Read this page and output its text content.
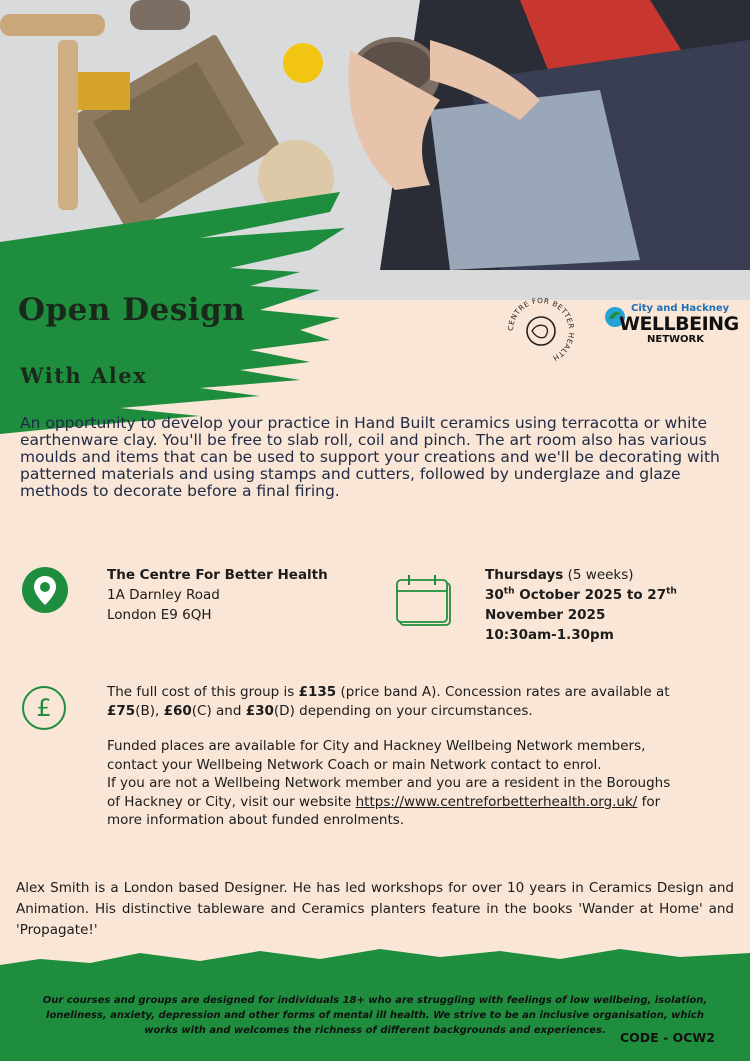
Open Design
With Alex
CENTRE FOR BETTER HEALTH
City and Hackney
WELLBEING
NETWORK

An opportunity to develop your practice in Hand Built ceramics using terracotta or white earthenware clay. You'll be free to slab roll, coil and pinch. The art room also has various moulds and items that can be used to support your creations and we'll be decorating with patterned materials and using stamps and cutters, followed by underglaze and glaze methods to decorate before a final firing.

The Centre For Better Health
1A Darnley Road
London E9 6QH
Thursdays (5 weeks)
30th October 2025 to 27th
November 2025
10:30am-1.30pm
£

The full cost of this group is £135 (price band A). Concession rates are available at £75(B), £60(C) and £30(D) depending on your circumstances.

Funded places are available for City and Hackney Wellbeing Network members, contact your Wellbeing Network Coach or main Network contact to enrol.
If you are not a Wellbeing Network member and you are a resident in the Boroughs of Hackney or City, visit our website https://www.centreforbetterhealth.org.uk/ for more information about funded enrolments.

Alex Smith is a London based Designer. He has led workshops for over 10 years in Ceramics Design and Animation. His distinctive tableware and Ceramics planters feature in the books 'Wander at Home' and 'Propagate!'

Our courses and groups are designed for individuals 18+ who are struggling with feelings of low wellbeing, isolation, loneliness, anxiety, depression and other forms of mental ill health. We strive to be an inclusive organisation, which works with and welcomes the richness of different backgrounds and experiences.	CODE - OCW2
